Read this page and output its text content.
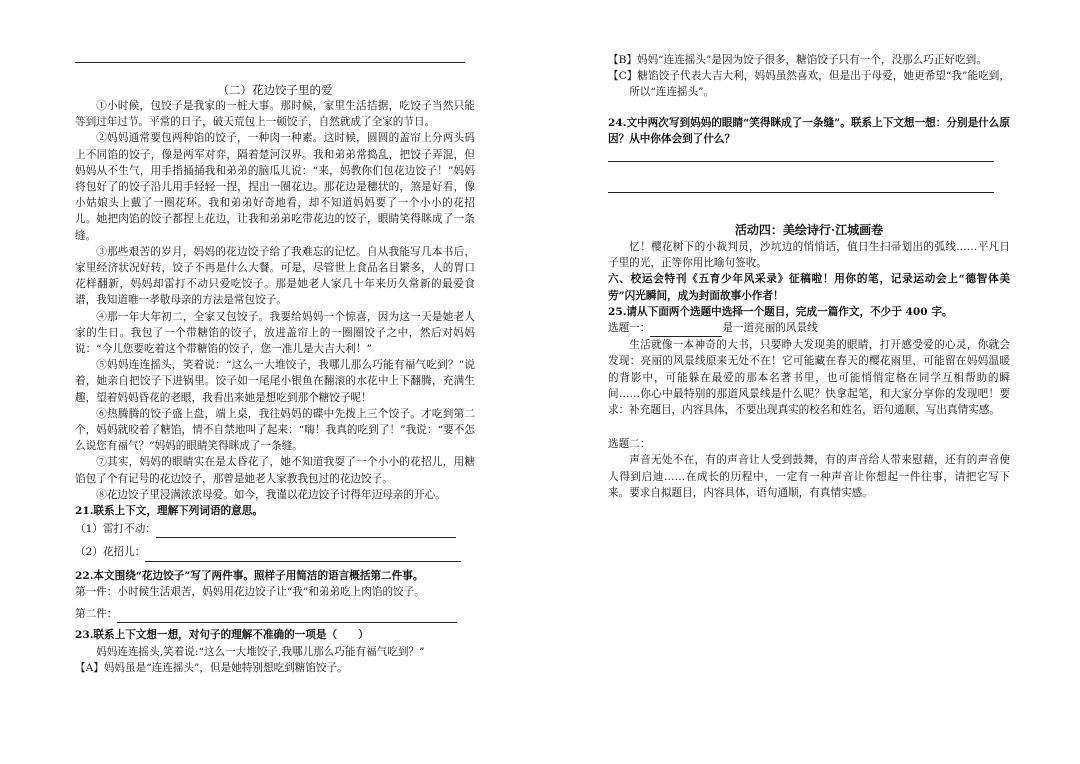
（二）花边饺子里的爱

①小时候，包饺子是我家的一桩大事。那时候，家里生活拮据，吃饺子当然只能等到过年过节。平常的日子，破天荒包上一顿饺子，自然就成了全家的节日。

②妈妈通常要包两种馅的饺子，一种肉一种素。这时候，圆圆的盖帘上分两头码上不同馅的饺子，像是两军对弈，隔着楚河汉界。我和弟弟常捣乱，把饺子弄混，但妈妈从不生气，用手指捅捅我和弟弟的脑瓜儿说：“来，妈教你们包花边饺子！”妈妈将包好了的饺子沿儿用手轻轻一捏，捏出一圈花边。那花边是穗状的，煞是好看，像小姑娘头上戴了一圈花环。我和弟弟好奇地看，却不知道妈妈要了一个小小的花招儿。她把肉馅的饺子都捏上花边，让我和弟弟吃带花边的饺子，眼睛笑得眯成了一条缝。

③那些艰苦的岁月，妈妈的花边饺子给了我难忘的记忆。自从我能写几本书后，家里经济状况好转，饺子不再是什么大餐。可是，尽管世上食品名目繁多，人的胃口花样翻新，妈妈却雷打不动只爱吃饺子。那是她老人家几十年来历久常新的最爱食谱，我知道唯一孝敬母亲的方法是常包饺子。

④那一年大年初二，全家又包饺子。我要给妈妈一个惊喜，因为这一天是她老人家的生日。我包了一个带糖馅的饺子，放进盖帘上的一圈圈饺子之中，然后对妈妈说：“今儿您要吃着这个带糖馅的饺子，您一准儿是大吉大利！”

⑤妈妈连连摇头，笑着说：“这么一大堆饺子，我哪儿那么巧能有福气吃到？”说着，她亲自把饺子下进锅里。饺子如一尾尾小银鱼在翻滚的水花中上下翻腾，充满生趣，望着妈妈昏花的老眼，我看出来她是想吃到那个糖饺子呢！

⑥热腾腾的饺子盛上盘，端上桌，我往妈妈的碟中先拨上三个饺子。才吃到第二个，妈妈就咬着了糖馅，情不自禁地叫了起来：“嗨！我真的吃到了！”我说：“要不怎么说您有福气？”妈妈的眼睛笑得眯成了一条缝。

⑦其实，妈妈的眼睛实在是太昏花了，她不知道我耍了一个小小的花招儿，用糖馅包了个有记号的花边饺子，那曾是她老人家教我包过的花边饺子。

⑧花边饺子里浸满浓浓母爱。如今，我谨以花边饺子讨得年迈母亲的开心。

21.联系上下文，理解下列词语的意思。

（1）雷打不动：

（2）花招儿：

22.本文围绕“花边饺子”写了两件事。照样子用简洁的语言概括第二件事。

第一件：小时候生活艰苦，妈妈用花边饺子让“我”和弟弟吃上肉馅的饺子。

第二件：

23.联系上下文想一想，对句子的理解不准确的一项是（　　）

妈妈连连摇头,笑着说:“这么一大堆饺子,我哪儿那么巧能有福气吃到？”

【A】妈妈虽是“连连摇头”，但是她特别想吃到糖馅饺子。

【B】妈妈“连连摇头”是因为饺子很多，糖馅饺子只有一个，没那么巧正好吃到。

【C】糖馅饺子代表大吉大利，妈妈虽然喜欢，但是出于母爱，她更希望“我”能吃到，所以“连连摇头”。

24.文中两次写到妈妈的眼睛“笑得眯成了一条缝”。联系上下文想一想：分别是什么原因？从中你体会到了什么？

活动四：美绘诗行·江城画卷

忆！樱花树下的小裁判员，沙坑边的悄悄话，值日生扫帚划出的弧线……平凡日子里的光，正等你用比喻句签收。

六、校运会特刊《五育少年风采录》征稿啦！用你的笔，记录运动会上“德智体美劳”闪光瞬间，成为封面故事小作者！

25.请从下面两个选题中选择一个题目，完成一篇作文，不少于 400 字。

选题一：	是一道亮丽的风景线

生活就像一本神奇的大书，只要睁大发现美的眼睛，打开感受爱的心灵，你就会发现：亮丽的风景线原来无处不在！它可能藏在春天的樱花雨里，可能留在妈妈温暖的背影中，可能躲在最爱的那本名著书里，也可能悄悄定格在同学互相帮助的瞬间……你心中最特别的那道风景线是什么呢？快拿起笔，和大家分享你的发现吧！要求：补充题目，内容具体，不要出现真实的校名和姓名，语句通顺，写出真情实感。

选题二：

声音无处不在，有的声音让人受到鼓舞，有的声音给人带来慰藉，还有的声音使人得到启迪……在成长的历程中，一定有一种声音让你想起一件往事，请把它写下来。要求自拟题目，内容具体，语句通顺，有真情实感。
